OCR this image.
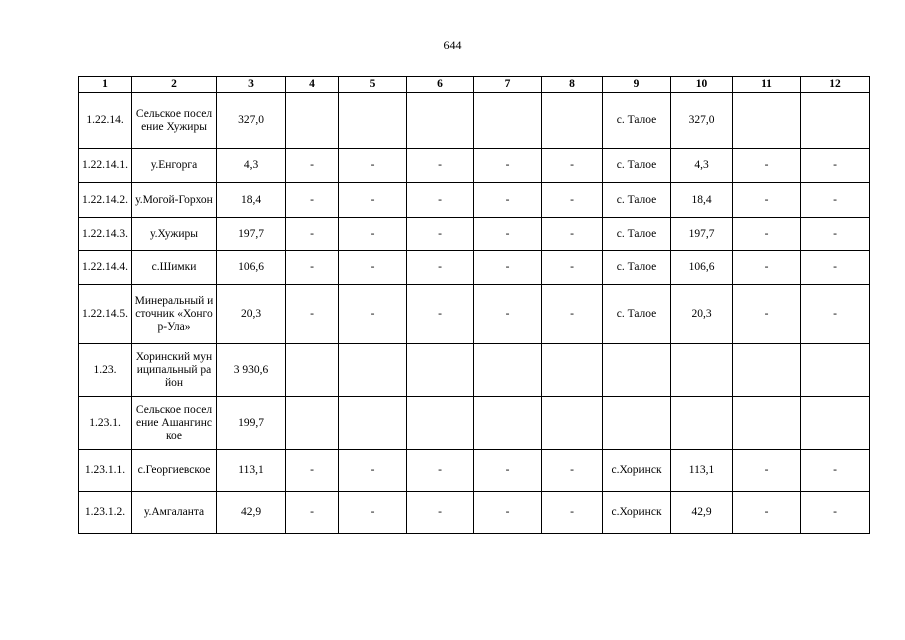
644
1	2	3	4	5	6	7	8	9	10	11	12
1.22.14.	Сельское поселение Хужиры	327,0						с. Талое	327,0		
1.22.14.1.	у.Енгорга	4,3	-	-	-	-	-	с. Талое	4,3	-	-
1.22.14.2.	у.Могой-Горхон	18,4	-	-	-	-	-	с. Талое	18,4	-	-
1.22.14.3.	у.Хужиры	197,7	-	-	-	-	-	с. Талое	197,7	-	-
1.22.14.4.	с.Шимки	106,6	-	-	-	-	-	с. Талое	106,6	-	-
1.22.14.5.	Минеральный источник «Хонгор-Ула»	20,3	-	-	-	-	-	с. Талое	20,3	-	-
1.23.	Хоринский муниципальный район	3 930,6									
1.23.1.	Сельское поселение Ашангинское	199,7									
1.23.1.1.	с.Георгиевское	113,1	-	-	-	-	-	с.Хоринск	113,1	-	-
1.23.1.2.	у.Амгаланта	42,9	-	-	-	-	-	с.Хоринск	42,9	-	-
